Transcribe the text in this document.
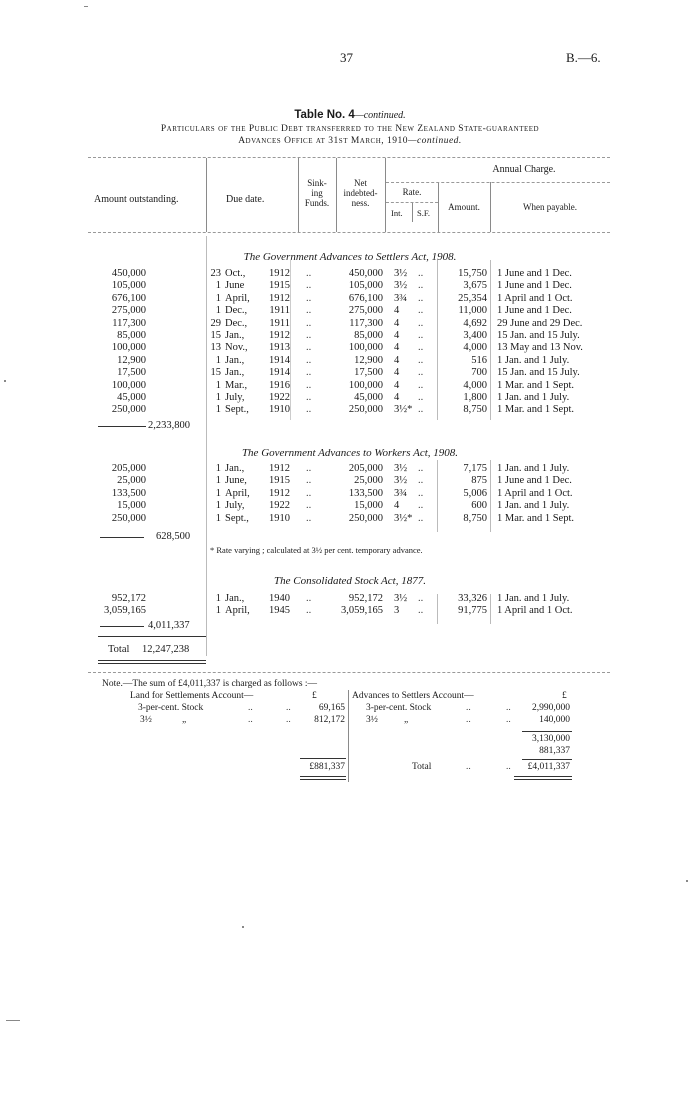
37	B.—6.
Table No. 4—continued.
Particulars of the Public Debt transferred to the New Zealand State-guaranteed
Advances Office at 31st March, 1910—continued.
Amount outstanding.	Due date.
Sink-
ing
Funds.
Net
indebted-
ness.
Annual Charge.
Rate.
Int. S.F.
Amount.	When payable.
The Government Advances to Settlers Act, 1908.
450,000	23 Oct.,	1912 ..	450,000 3½	..	15,750 1 June and 1 Dec.
105,000	1 June	1915 ..	105,000 3½	..	3,675 1 June and 1 Dec.
676,100	1 April,	1912 ..	676,100 3¾	..	25,354 1 April and 1 Oct.
275,000	1 Dec.,	1911 ..	275,000 4	..	11,000 1 June and 1 Dec.
117,300	29 Dec.,	1911 ..	117,300 4	..	4,692 29 June and 29 Dec.
85,000	15 Jan.,	1912 ..	85,000 4	..	3,400 15 Jan. and 15 July.
100,000	13 Nov.,	1913 ..	100,000 4	..	4,000 13 May and 13 Nov.
12,900	1 Jan.,	1914 ..	12,900 4	..	516 1 Jan. and 1 July.
17,500	15 Jan.,	1914 ..	17,500 4	..	700 15 Jan. and 15 July.
100,000	1 Mar.,	1916 ..	100,000 4	..	4,000 1 Mar. and 1 Sept.
45,000	1 July,	1922 ..	45,000 4	..	1,800 1 Jan. and 1 July.
250,000	1 Sept.,	1910 ..	250,000 3½* ..	8,750 1 Mar. and 1 Sept.
2,233,800
The Government Advances to Workers Act, 1908.
205,000	1 Jan.,	1912 ..	205,000 3½	..	7,175 1 Jan. and 1 July.
25,000	1 June,	1915 ..	25,000 3½	..	875 1 June and 1 Dec.
133,500	1 April,	1912 ..	133,500 3¾	..	5,006 1 April and 1 Oct.
15,000	1 July,	1922 ..	15,000 4	..	600 1 Jan. and 1 July.
250,000	1 Sept.,	1910 ..	250,000 3½* ..	8,750 1 Mar. and 1 Sept.
628,500
* Rate varying ; calculated at 3½ per cent. temporary advance.
The Consolidated Stock Act, 1877.
952,172	1 Jan.,	1940 ..	952,172 3½	..	33,326 1 Jan. and 1 July.
3,059,165	1 April,	1945 ..	3,059,165 3	..	91,775 1 April and 1 Oct.
4,011,337
Total 12,247,238
Note.—The sum of £4,011,337 is charged as follows :—
Land for Settlements Account—	£
3-per-cent. Stock	..	..	69,165
3½	„	..	..	812,172
£881,337
Advances to Settlers Account—	£
3-per-cent. Stock	..	..	2,990,000
3½	„	..	..	140,000
3,130,000
881,337
Total	..	..	£4,011,337
